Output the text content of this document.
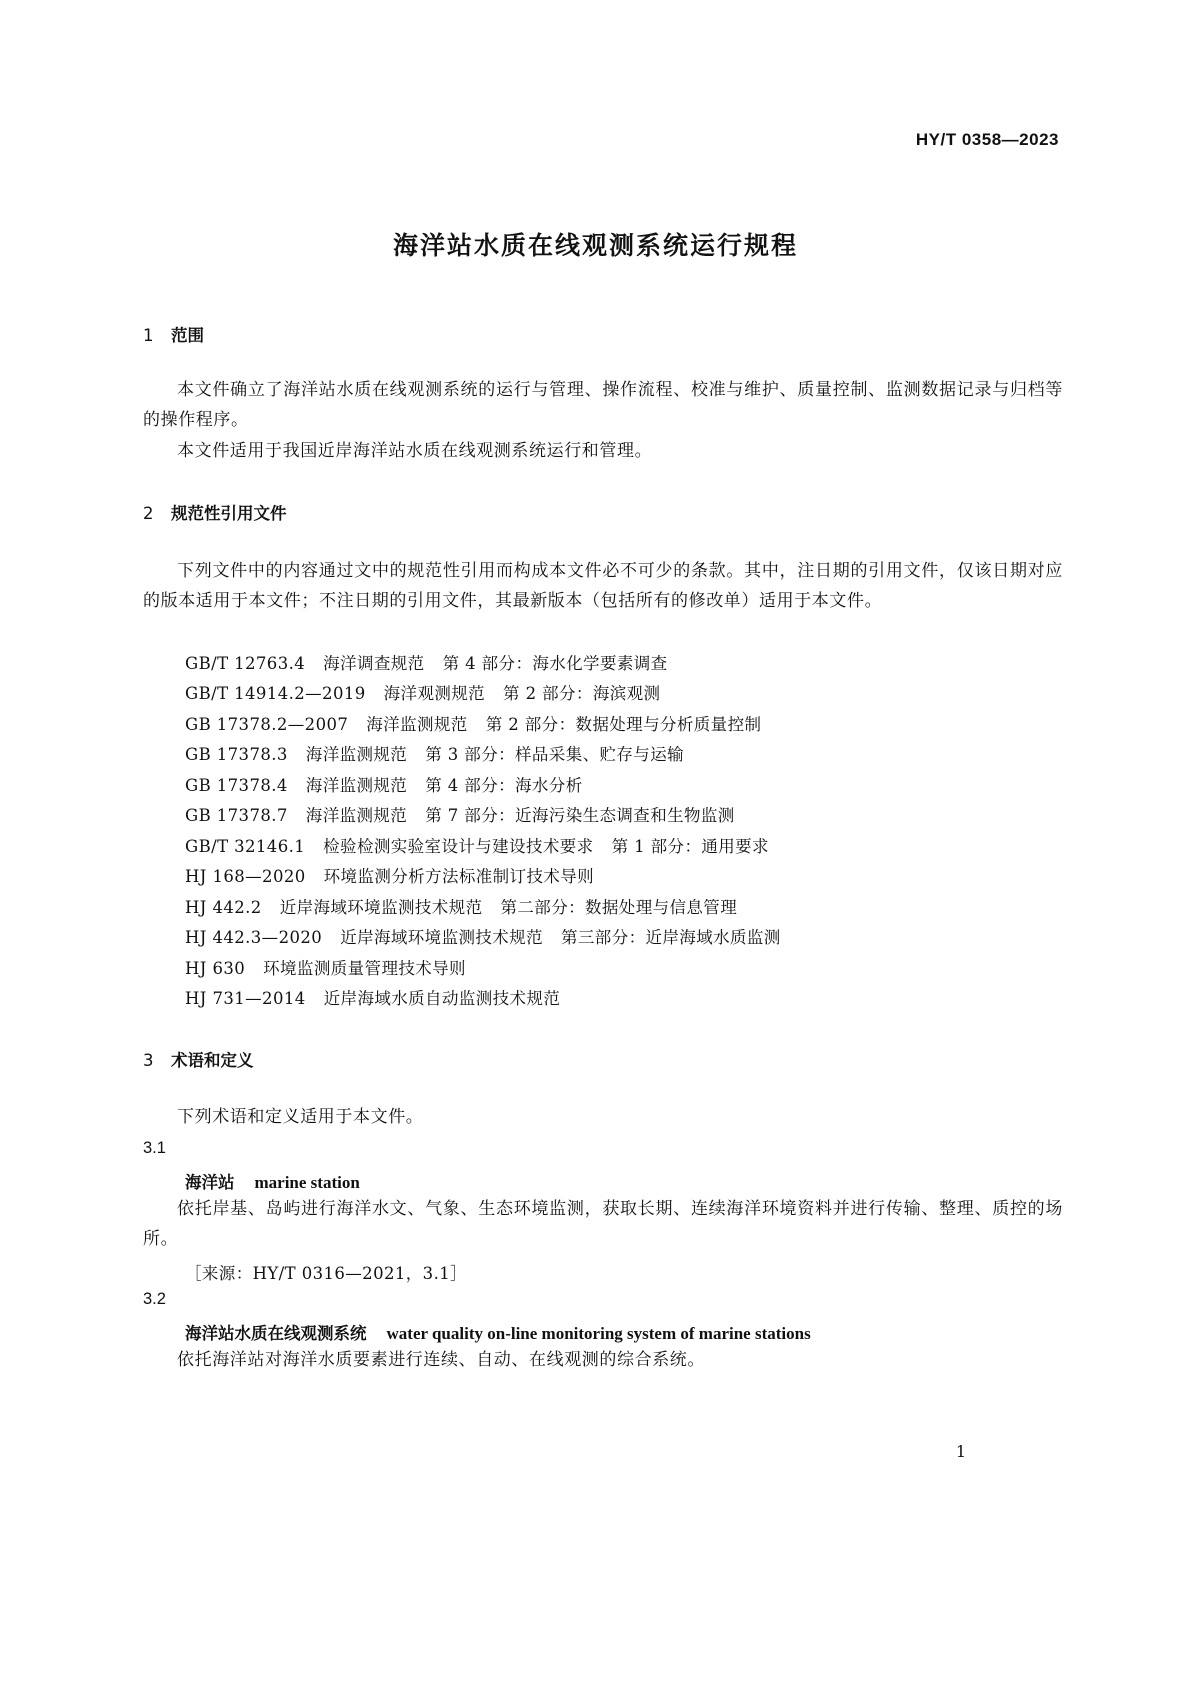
HY/T 0358—2023
海洋站水质在线观测系统运行规程
1 范围
本文件确立了海洋站水质在线观测系统的运行与管理、操作流程、校准与维护、质量控制、监测数据记录与归档等的操作程序。
本文件适用于我国近岸海洋站水质在线观测系统运行和管理。
2 规范性引用文件
下列文件中的内容通过文中的规范性引用而构成本文件必不可少的条款。其中，注日期的引用文件，仅该日期对应的版本适用于本文件；不注日期的引用文件，其最新版本（包括所有的修改单）适用于本文件。
GB/T 12763.4 海洋调查规范 第 4 部分：海水化学要素调查
GB/T 14914.2—2019 海洋观测规范 第 2 部分：海滨观测
GB 17378.2—2007 海洋监测规范 第 2 部分：数据处理与分析质量控制
GB 17378.3 海洋监测规范 第 3 部分：样品采集、贮存与运输
GB 17378.4 海洋监测规范 第 4 部分：海水分析
GB 17378.7 海洋监测规范 第 7 部分：近海污染生态调查和生物监测
GB/T 32146.1 检验检测实验室设计与建设技术要求 第 1 部分：通用要求
HJ 168—2020 环境监测分析方法标准制订技术导则
HJ 442.2 近岸海域环境监测技术规范 第二部分：数据处理与信息管理
HJ 442.3—2020 近岸海域环境监测技术规范 第三部分：近岸海域水质监测
HJ 630 环境监测质量管理技术导则
HJ 731—2014 近岸海域水质自动监测技术规范
3 术语和定义
下列术语和定义适用于本文件。
3.1
海洋站 marine station
依托岸基、岛屿进行海洋水文、气象、生态环境监测，获取长期、连续海洋环境资料并进行传输、整理、质控的场所。
［来源：HY/T 0316—2021，3.1］
3.2
海洋站水质在线观测系统 water quality on-line monitoring system of marine stations
依托海洋站对海洋水质要素进行连续、自动、在线观测的综合系统。
1
